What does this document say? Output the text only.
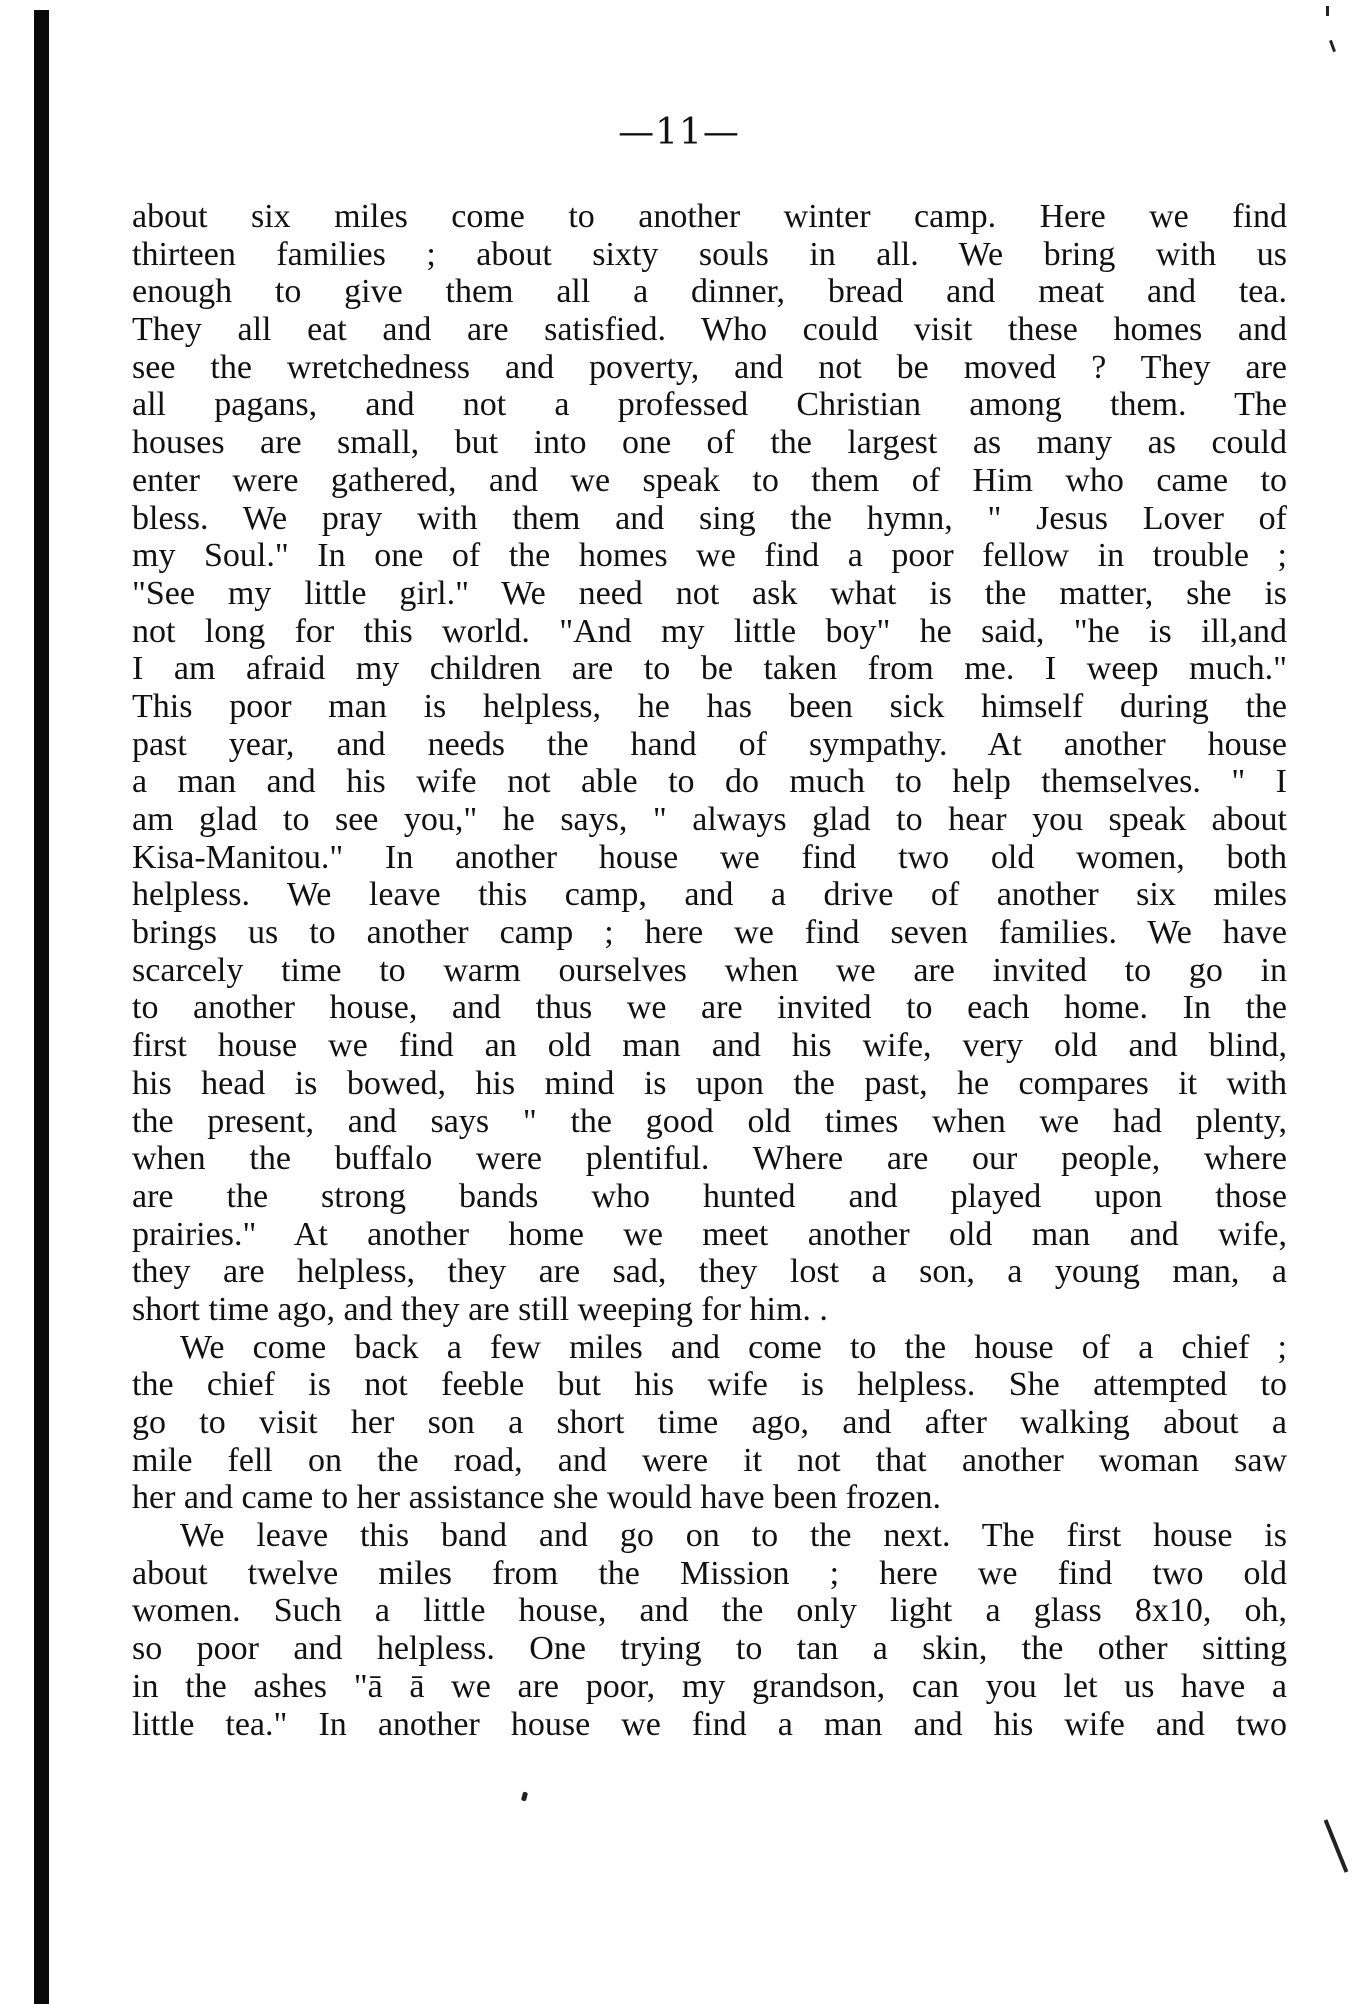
—11—
about six miles come to another winter camp. Here we find
thirteen families ; about sixty souls in all. We bring with us
enough to give them all a dinner, bread and meat and tea.
They all eat and are satisfied. Who could visit these homes and
see the wretchedness and poverty, and not be moved ? They are
all pagans, and not a professed Christian among them. The
houses are small, but into one of the largest as many as could
enter were gathered, and we speak to them of Him who came to
bless. We pray with them and sing the hymn, " Jesus Lover of
my Soul." In one of the homes we find a poor fellow in trouble ;
"See my little girl." We need not ask what is the matter, she is
not long for this world. "And my little boy" he said, "he is ill,and
I am afraid my children are to be taken from me. I weep much."
This poor man is helpless, he has been sick himself during the
past year, and needs the hand of sympathy. At another house
a man and his wife not able to do much to help themselves. " I
am glad to see you," he says, " always glad to hear you speak about
Kisa-Manitou." In another house we find two old women, both
helpless. We leave this camp, and a drive of another six miles
brings us to another camp ; here we find seven families. We have
scarcely time to warm ourselves when we are invited to go in
to another house, and thus we are invited to each home. In the
first house we find an old man and his wife, very old and blind,
his head is bowed, his mind is upon the past, he compares it with
the present, and says " the good old times when we had plenty,
when the buffalo were plentiful. Where are our people, where
are the strong bands who hunted and played upon those
prairies." At another home we meet another old man and wife,
they are helpless, they are sad, they lost a son, a young man, a
short time ago, and they are still weeping for him. .
We come back a few miles and come to the house of a chief ;
the chief is not feeble but his wife is helpless. She attempted to
go to visit her son a short time ago, and after walking about a
mile fell on the road, and were it not that another woman saw
her and came to her assistance she would have been frozen.
We leave this band and go on to the next. The first house is
about twelve miles from the Mission ; here we find two old
women. Such a little house, and the only light a glass 8x10, oh,
so poor and helpless. One trying to tan a skin, the other sitting
in the ashes "ā ā we are poor, my grandson, can you let us have a
little tea." In another house we find a man and his wife and two
